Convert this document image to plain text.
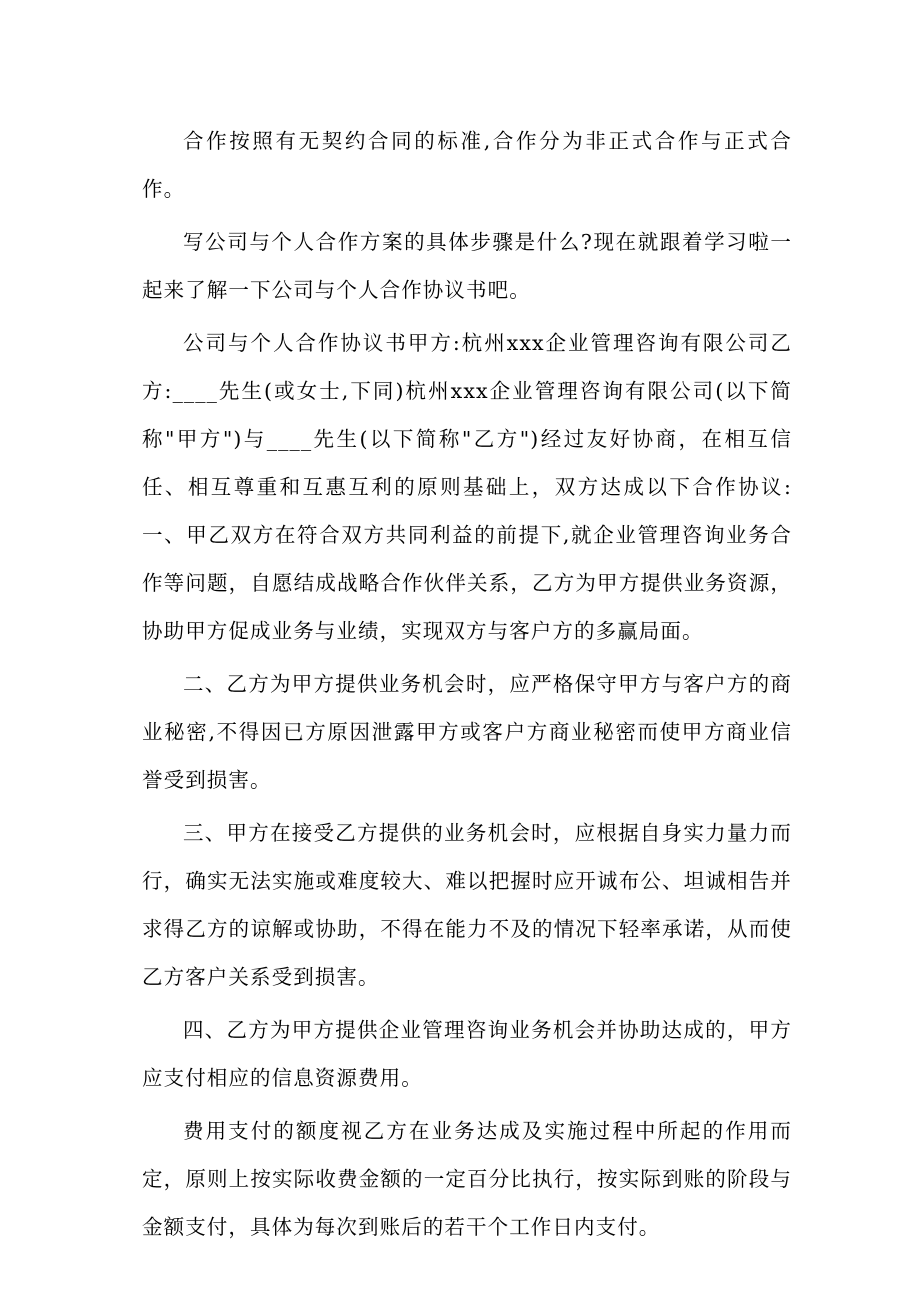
合作按照有无契约合同的标准,合作分为非正式合作与正式合作。

写公司与个人合作方案的具体步骤是什么?现在就跟着学习啦一起来了解一下公司与个人合作协议书吧。

公司与个人合作协议书甲方:杭州xxx企业管理咨询有限公司乙方:____先生(或女士,下同)杭州xxx企业管理咨询有限公司(以下简称"甲方")与____先生(以下简称"乙方")经过友好协商，在相互信任、相互尊重和互惠互利的原则基础上，双方达成以下合作协议:一、甲乙双方在符合双方共同利益的前提下,就企业管理咨询业务合作等问题，自愿结成战略合作伙伴关系，乙方为甲方提供业务资源，协助甲方促成业务与业绩，实现双方与客户方的多赢局面。

二、乙方为甲方提供业务机会时，应严格保守甲方与客户方的商业秘密,不得因已方原因泄露甲方或客户方商业秘密而使甲方商业信誉受到损害。

三、甲方在接受乙方提供的业务机会时，应根据自身实力量力而行，确实无法实施或难度较大、难以把握时应开诚布公、坦诚相告并求得乙方的谅解或协助，不得在能力不及的情况下轻率承诺，从而使乙方客户关系受到损害。

四、乙方为甲方提供企业管理咨询业务机会并协助达成的，甲方应支付相应的信息资源费用。

费用支付的额度视乙方在业务达成及实施过程中所起的作用而定，原则上按实际收费金额的一定百分比执行，按实际到账的阶段与金额支付，具体为每次到账后的若干个工作日内支付。
